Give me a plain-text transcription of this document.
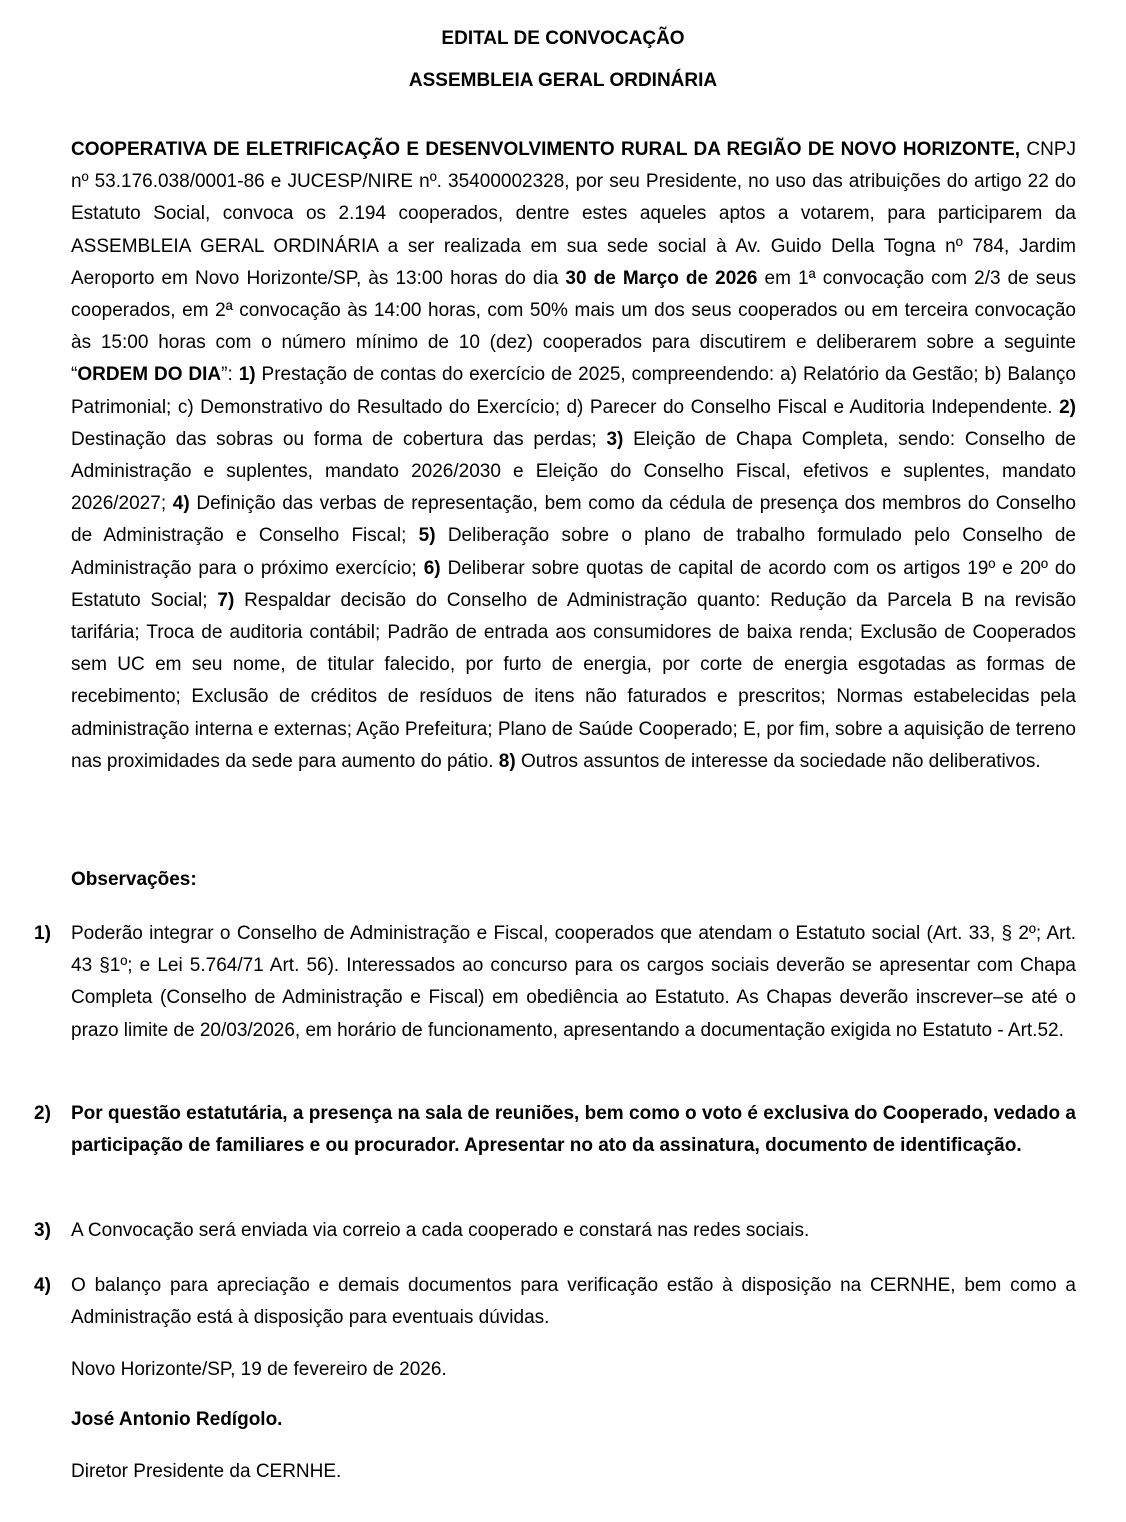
EDITAL DE CONVOCAÇÃO
ASSEMBLEIA GERAL ORDINÁRIA
COOPERATIVA DE ELETRIFICAÇÃO E DESENVOLVIMENTO RURAL DA REGIÃO DE NOVO HORIZONTE, CNPJ nº 53.176.038/0001-86 e JUCESP/NIRE nº. 35400002328, por seu Presidente, no uso das atribuições do artigo 22 do Estatuto Social, convoca os 2.194 cooperados, dentre estes aqueles aptos a votarem, para participarem da ASSEMBLEIA GERAL ORDINÁRIA a ser realizada em sua sede social à Av. Guido Della Togna nº 784, Jardim Aeroporto em Novo Horizonte/SP, às 13:00 horas do dia 30 de Março de 2026 em 1ª convocação com 2/3 de seus cooperados, em 2ª convocação às 14:00 horas, com 50% mais um dos seus cooperados ou em terceira convocação às 15:00 horas com o número mínimo de 10 (dez) cooperados para discutirem e deliberarem sobre a seguinte “ORDEM DO DIA”: 1) Prestação de contas do exercício de 2025, compreendendo: a) Relatório da Gestão; b) Balanço Patrimonial; c) Demonstrativo do Resultado do Exercício; d) Parecer do Conselho Fiscal e Auditoria Independente. 2) Destinação das sobras ou forma de cobertura das perdas; 3) Eleição de Chapa Completa, sendo: Conselho de Administração e suplentes, mandato 2026/2030 e Eleição do Conselho Fiscal, efetivos e suplentes, mandato 2026/2027; 4) Definição das verbas de representação, bem como da cédula de presença dos membros do Conselho de Administração e Conselho Fiscal; 5) Deliberação sobre o plano de trabalho formulado pelo Conselho de Administração para o próximo exercício; 6) Deliberar sobre quotas de capital de acordo com os artigos 19º e 20º do Estatuto Social; 7) Respaldar decisão do Conselho de Administração quanto: Redução da Parcela B na revisão tarifária; Troca de auditoria contábil; Padrão de entrada aos consumidores de baixa renda; Exclusão de Cooperados sem UC em seu nome, de titular falecido, por furto de energia, por corte de energia esgotadas as formas de recebimento; Exclusão de créditos de resíduos de itens não faturados e prescritos; Normas estabelecidas pela administração interna e externas; Ação Prefeitura; Plano de Saúde Cooperado; E, por fim, sobre a aquisição de terreno nas proximidades da sede para aumento do pátio. 8) Outros assuntos de interesse da sociedade não deliberativos.
Observações:
1) Poderão integrar o Conselho de Administração e Fiscal, cooperados que atendam o Estatuto social (Art. 33, § 2º; Art. 43 §1º; e Lei 5.764/71 Art. 56). Interessados ao concurso para os cargos sociais deverão se apresentar com Chapa Completa (Conselho de Administração e Fiscal) em obediência ao Estatuto. As Chapas deverão inscrever–se até o prazo limite de 20/03/2026, em horário de funcionamento, apresentando a documentação exigida no Estatuto - Art.52.
2) Por questão estatutária, a presença na sala de reuniões, bem como o voto é exclusiva do Cooperado, vedado a participação de familiares e ou procurador. Apresentar no ato da assinatura, documento de identificação.
3) A Convocação será enviada via correio a cada cooperado e constará nas redes sociais.
4) O balanço para apreciação e demais documentos para verificação estão à disposição na CERNHE, bem como a Administração está à disposição para eventuais dúvidas.
Novo Horizonte/SP, 19 de fevereiro de 2026.
José Antonio Redígolo.
Diretor Presidente da CERNHE.
